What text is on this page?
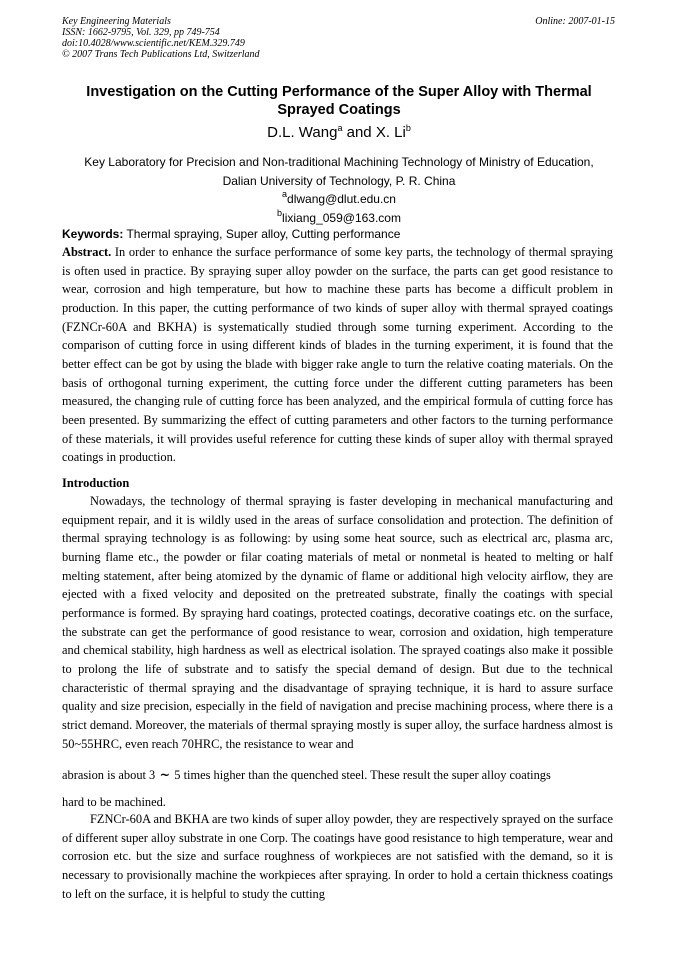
Key Engineering Materials
ISSN: 1662-9795, Vol. 329, pp 749-754
doi:10.4028/www.scientific.net/KEM.329.749
© 2007 Trans Tech Publications Ltd, Switzerland
Online: 2007-01-15
Investigation on the Cutting Performance of the Super Alloy with Thermal Sprayed Coatings
D.L. Wang$^a$ and X. Li$^b$
Key Laboratory for Precision and Non-traditional Machining Technology of Ministry of Education,
Dalian University of Technology, P. R. China
$^a$dlwang@dlut.edu.cn
$^b$lixiang_059@163.com
Keywords: Thermal spraying, Super alloy, Cutting performance
Abstract. In order to enhance the surface performance of some key parts, the technology of thermal spraying is often used in practice. By spraying super alloy powder on the surface, the parts can get good resistance to wear, corrosion and high temperature, but how to machine these parts has become a difficult problem in production. In this paper, the cutting performance of two kinds of super alloy with thermal sprayed coatings (FZNCr-60A and BKHA) is systematically studied through some turning experiment. According to the comparison of cutting force in using different kinds of blades in the turning experiment, it is found that the better effect can be got by using the blade with bigger rake angle to turn the relative coating materials. On the basis of orthogonal turning experiment, the cutting force under the different cutting parameters has been measured, the changing rule of cutting force has been analyzed, and the empirical formula of cutting force has been presented. By summarizing the effect of cutting parameters and other factors to the turning performance of these materials, it will provides useful reference for cutting these kinds of super alloy with thermal sprayed coatings in production.
Introduction
Nowadays, the technology of thermal spraying is faster developing in mechanical manufacturing and equipment repair, and it is wildly used in the areas of surface consolidation and protection. The definition of thermal spraying technology is as following: by using some heat source, such as electrical arc, plasma arc, burning flame etc., the powder or filar coating materials of metal or nonmetal is heated to melting or half melting statement, after being atomized by the dynamic of flame or additional high velocity airflow, they are ejected with a fixed velocity and deposited on the pretreated substrate, finally the coatings with special performance is formed. By spraying hard coatings, protected coatings, decorative coatings etc. on the surface, the substrate can get the performance of good resistance to wear, corrosion and oxidation, high temperature and chemical stability, high hardness as well as electrical isolation. The sprayed coatings also make it possible to prolong the life of substrate and to satisfy the special demand of design. But due to the technical characteristic of thermal spraying and the disadvantage of spraying technique, it is hard to assure surface quality and size precision, especially in the field of navigation and precise machining process, where there is a strict demand. Moreover, the materials of thermal spraying mostly is super alloy, the surface hardness almost is 50~55HRC, even reach 70HRC, the resistance to wear and
abrasion is about 3 ~ 5 times higher than the quenched steel. These result the super alloy coatings
hard to be machined.
FZNCr-60A and BKHA are two kinds of super alloy powder, they are respectively sprayed on the surface of different super alloy substrate in one Corp. The coatings have good resistance to high temperature, wear and corrosion etc. but the size and surface roughness of workpieces are not satisfied with the demand, so it is necessary to provisionally machine the workpieces after spraying. In order to hold a certain thickness coatings to left on the surface, it is helpful to study the cutting
